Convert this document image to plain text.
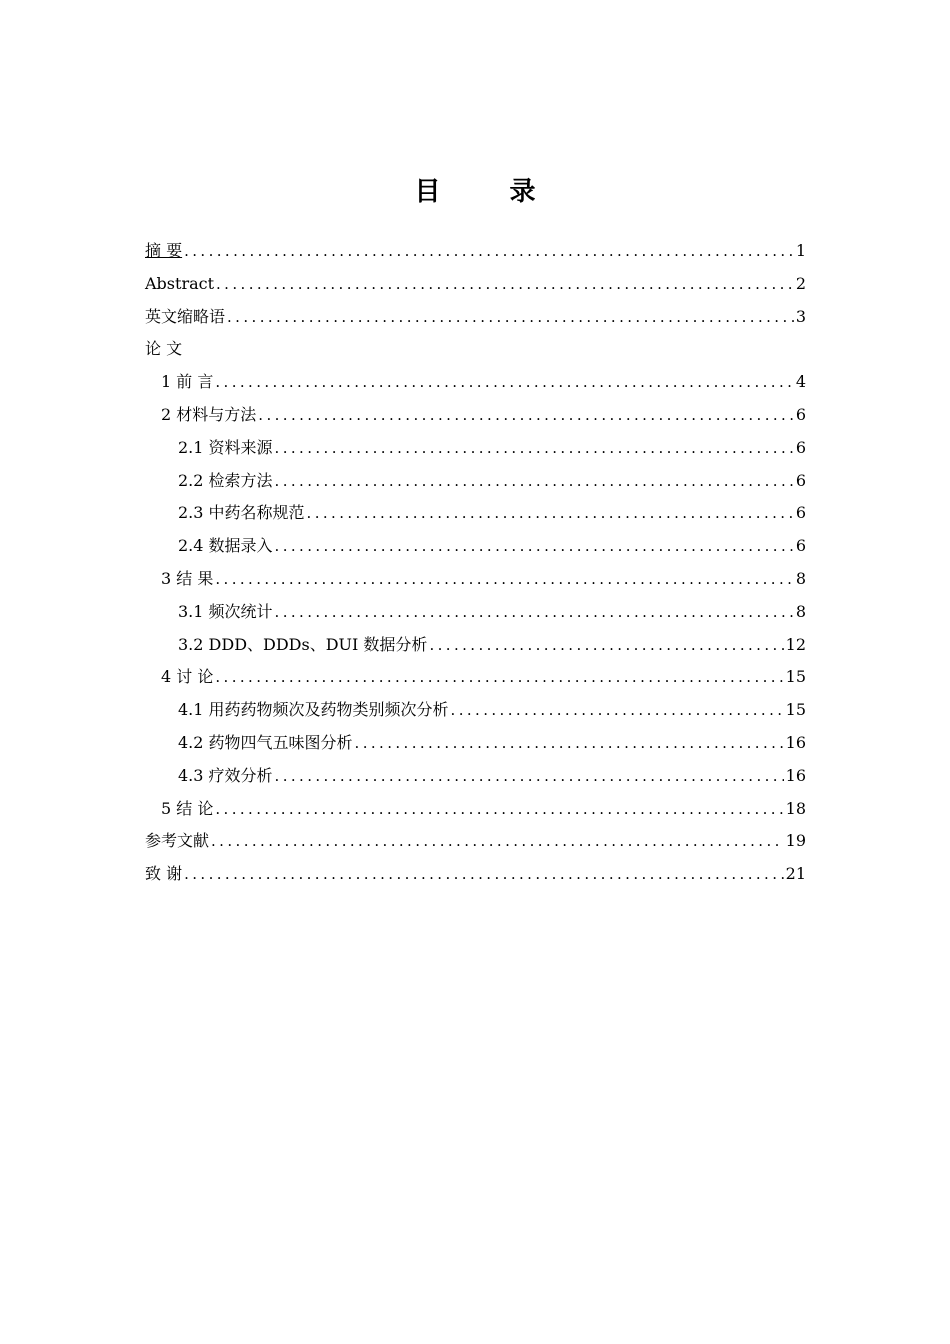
目 录
摘 要 .....	1
Abstract .....	2
英文缩略语 .....	3
论 文
1 前 言 .....	4
2 材料与方法 .....	6
2.1 资料来源 .....	6
2.2 检索方法 .....	6
2.3 中药名称规范 .....	6
2.4 数据录入 .....	6
3 结 果 .....	8
3.1 频次统计 .....	8
3.2 DDD、DDDs、DUI 数据分析 .....	12
4 讨 论 .....	15
4.1 用药药物频次及药物类别频次分析 .....	15
4.2 药物四气五味图分析 .....	16
4.3 疗效分析 .....	16
5 结 论 .....	18
参考文献 .....	19
致 谢 .....	21
